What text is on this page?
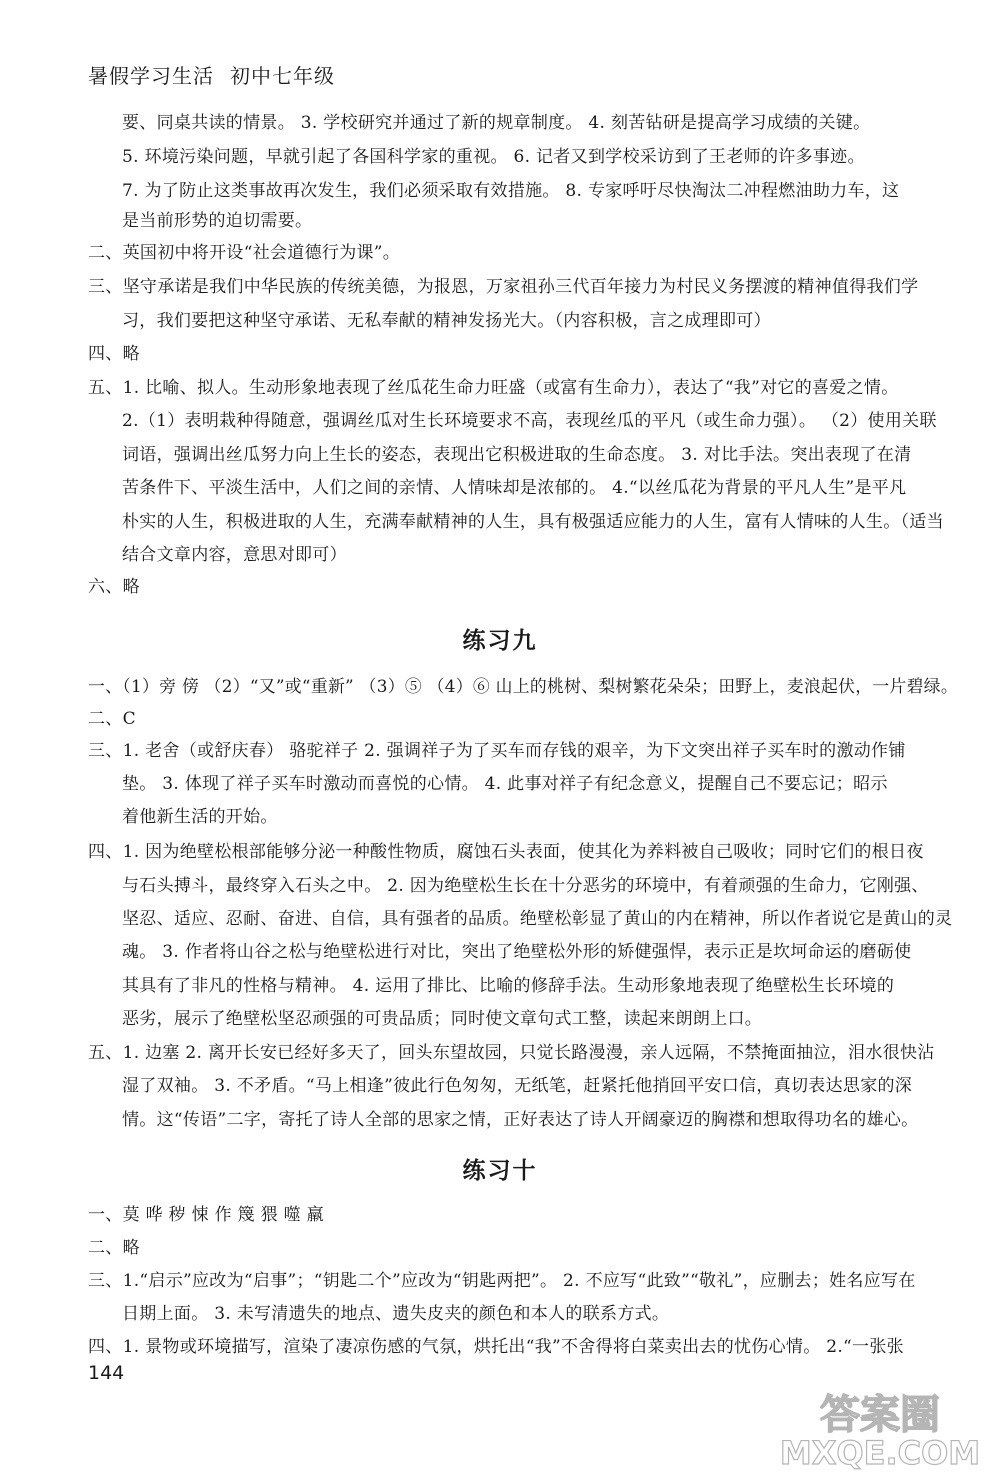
暑假学习生活 初中七年级
要、同桌共读的情景。 3. 学校研究并通过了新的规章制度。 4. 刻苦钻研是提高学习成绩的关键。
5. 环境污染问题，早就引起了各国科学家的重视。 6. 记者又到学校采访到了王老师的许多事迹。
7. 为了防止这类事故再次发生，我们必须采取有效措施。 8. 专家呼吁尽快淘汰二冲程燃油助力车，这
是当前形势的迫切需要。
二、英国初中将开设“社会道德行为课”。
三、坚守承诺是我们中华民族的传统美德，为报恩，万家祖孙三代百年接力为村民义务摆渡的精神值得我们学
习，我们要把这种坚守承诺、无私奉献的精神发扬光大。（内容积极，言之成理即可）
四、略
五、1. 比喻、拟人。生动形象地表现了丝瓜花生命力旺盛（或富有生命力），表达了“我”对它的喜爱之情。
2.（1）表明栽种得随意，强调丝瓜对生长环境要求不高，表现丝瓜的平凡（或生命力强）。 （2）使用关联
词语，强调出丝瓜努力向上生长的姿态，表现出它积极进取的生命态度。 3. 对比手法。突出表现了在清
苦条件下、平淡生活中，人们之间的亲情、人情味却是浓郁的。 4.“以丝瓜花为背景的平凡人生”是平凡
朴实的人生，积极进取的人生，充满奉献精神的人生，具有极强适应能力的人生，富有人情味的人生。（适当
结合文章内容，意思对即可）
六、略
练习九
一、（1）旁 傍 （2）“又”或“重新” （3）⑤ （4）⑥ 山上的桃树、梨树繁花朵朵；田野上，麦浪起伏，一片碧绿。
二、C
三、1. 老舍（或舒庆春） 骆驼祥子 2. 强调祥子为了买车而存钱的艰辛，为下文突出祥子买车时的激动作铺
垫。 3. 体现了祥子买车时激动而喜悦的心情。 4. 此事对祥子有纪念意义，提醒自己不要忘记；昭示
着他新生活的开始。
四、1. 因为绝壁松根部能够分泌一种酸性物质，腐蚀石头表面，使其化为养料被自己吸收；同时它们的根日夜
与石头搏斗，最终穿入石头之中。 2. 因为绝壁松生长在十分恶劣的环境中，有着顽强的生命力，它刚强、
坚忍、适应、忍耐、奋进、自信，具有强者的品质。绝壁松彰显了黄山的内在精神，所以作者说它是黄山的灵
魂。 3. 作者将山谷之松与绝壁松进行对比，突出了绝壁松外形的矫健强悍，表示正是坎坷命运的磨砺使
其具有了非凡的性格与精神。 4. 运用了排比、比喻的修辞手法。生动形象地表现了绝壁松生长环境的
恶劣，展示了绝壁松坚忍顽强的可贵品质；同时使文章句式工整，读起来朗朗上口。
五、1. 边塞 2. 离开长安已经好多天了，回头东望故园，只觉长路漫漫，亲人远隔，不禁掩面抽泣，泪水很快沾
湿了双袖。 3. 不矛盾。“马上相逢”彼此行色匆匆，无纸笔，赶紧托他捎回平安口信，真切表达思家的深
情。这“传语”二字，寄托了诗人全部的思家之情，正好表达了诗人开阔豪迈的胸襟和想取得功名的雄心。
练习十
一、莫 哗 秽 悚 作 篾 猥 噬 羸
二、略
三、1.“启示”应改为“启事”；“钥匙二个”应改为“钥匙两把”。 2. 不应写“此致”“敬礼”，应删去；姓名应写在
日期上面。 3. 未写清遗失的地点、遗失皮夹的颜色和本人的联系方式。
四、1. 景物或环境描写，渲染了凄凉伤感的气氛，烘托出“我”不舍得将白菜卖出去的忧伤心情。 2.“一张张
144
答案圈
MXQE.COM
